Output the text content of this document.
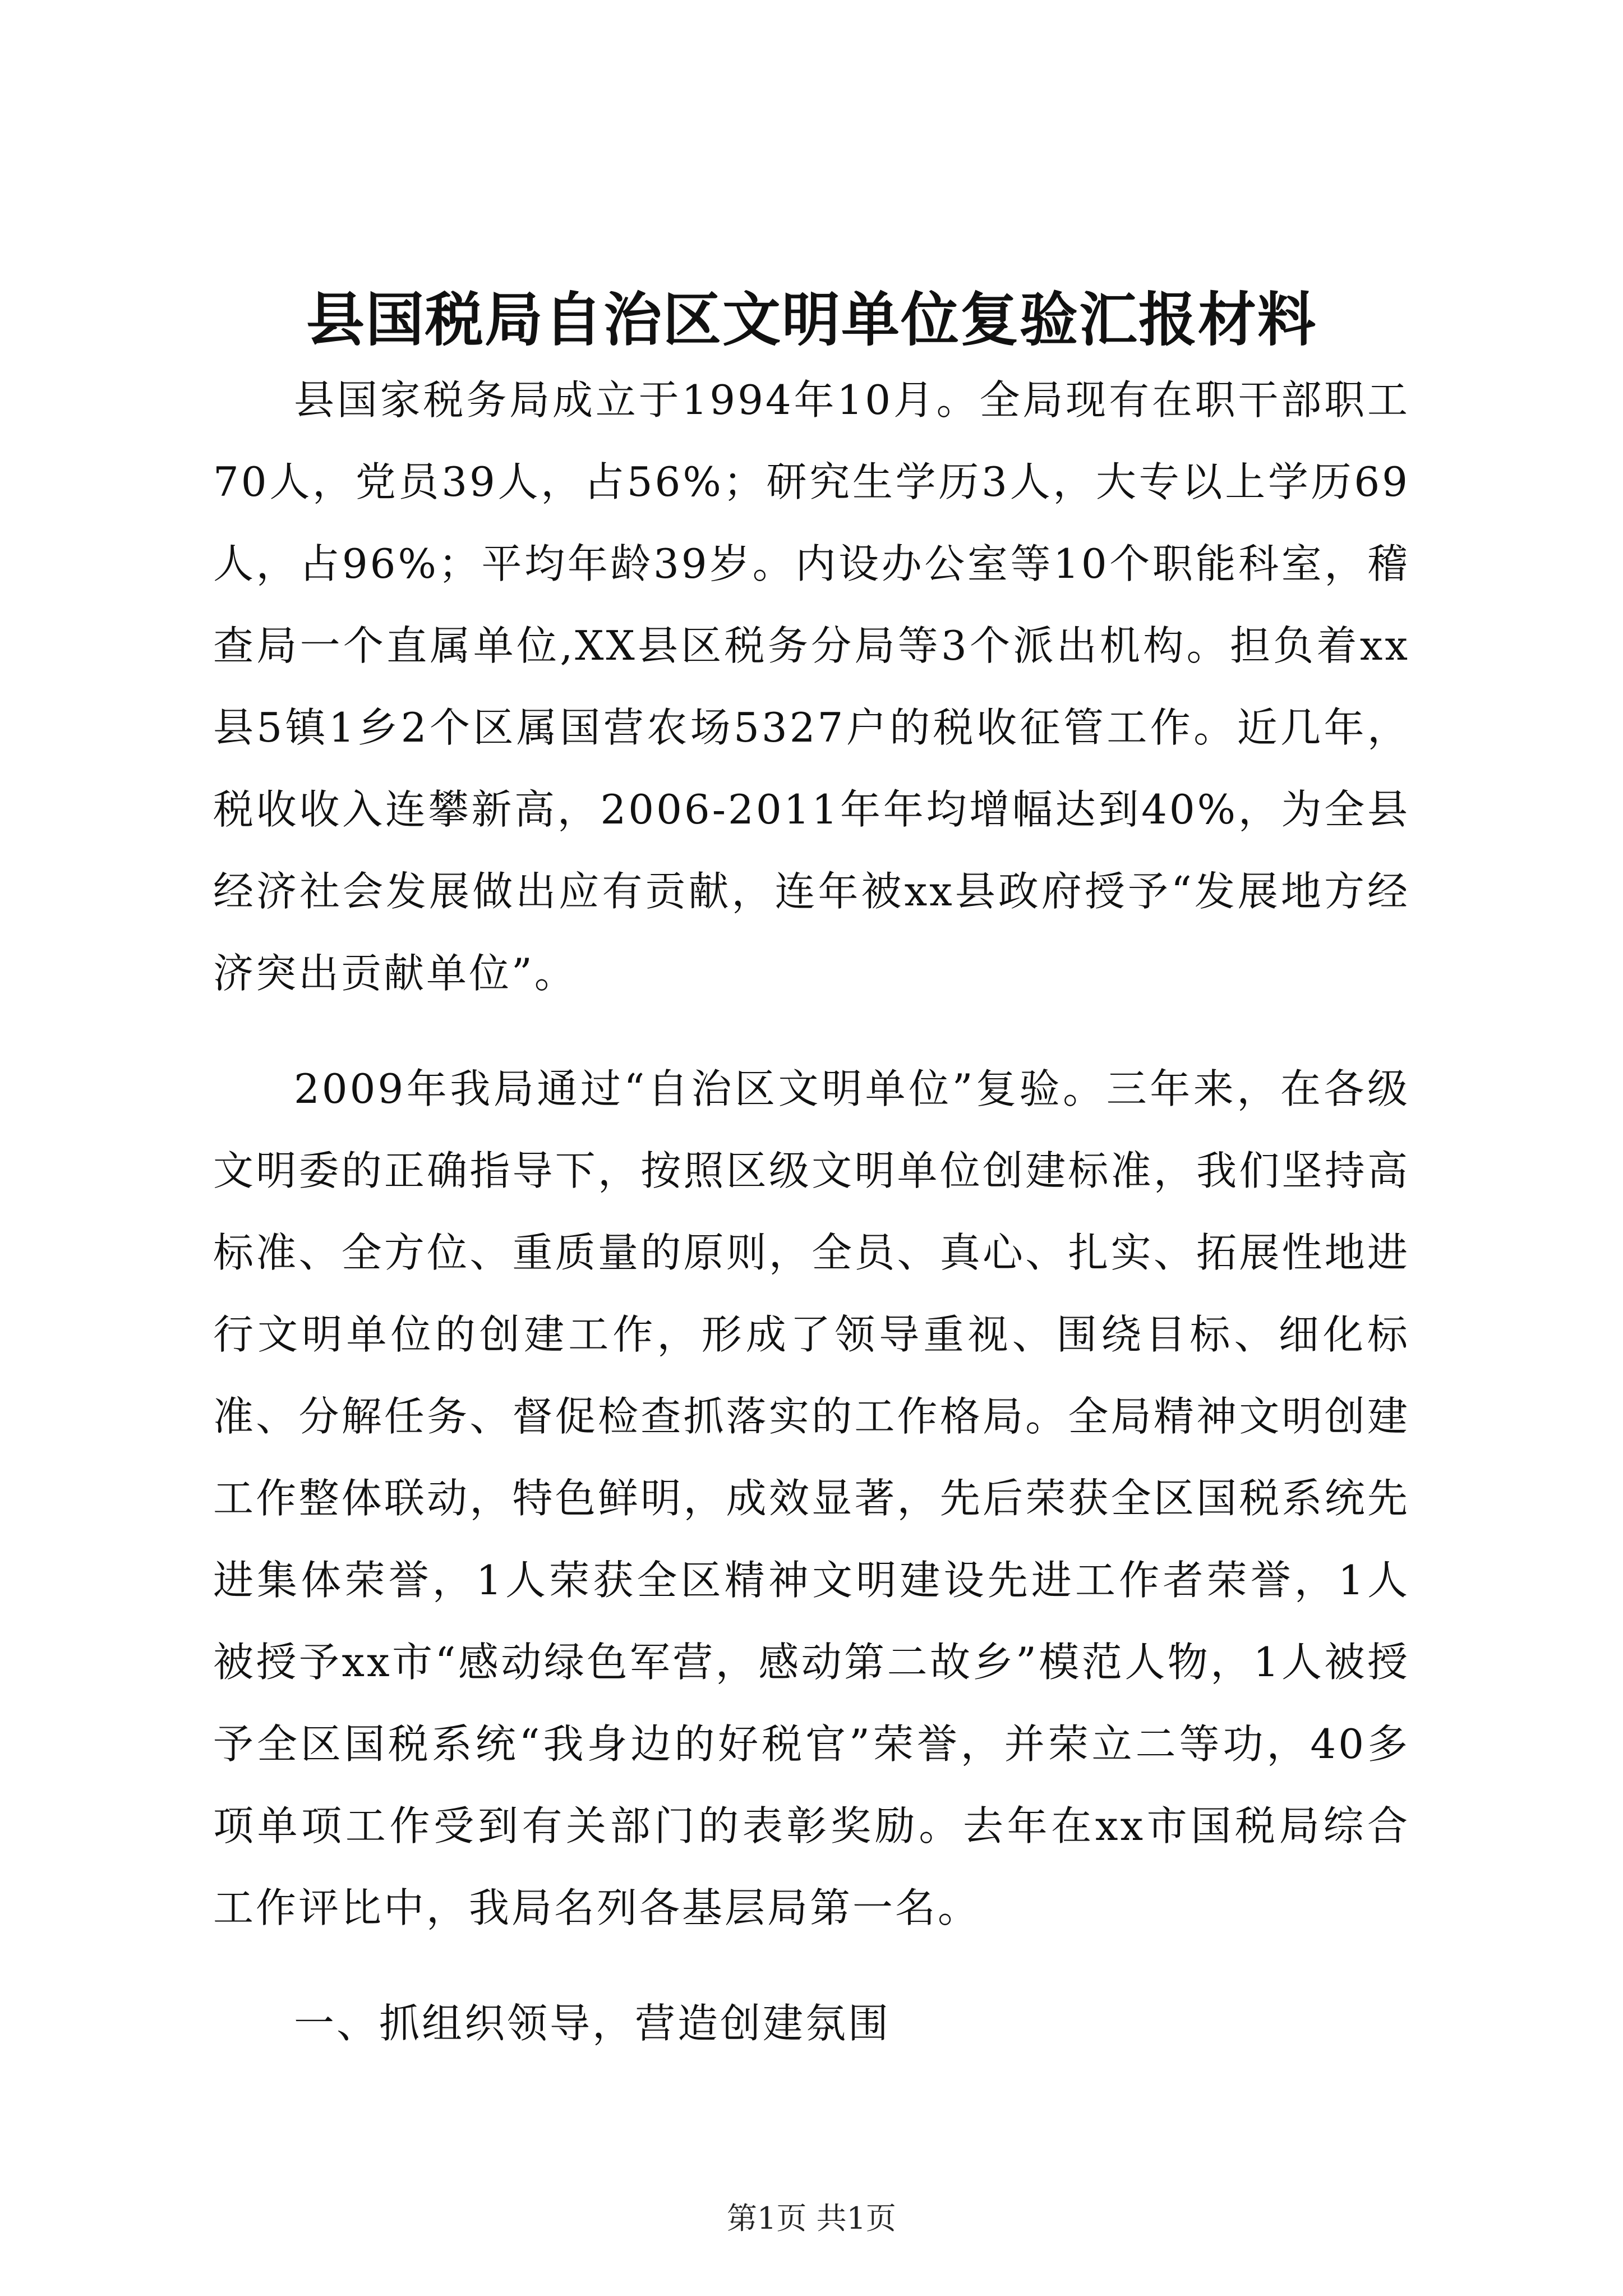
县国税局自治区文明单位复验汇报材料

县国家税务局成立于1994年10月。全局现有在职干部职工70人，党员39人，占56%；研究生学历3人，大专以上学历69人，占96%；平均年龄39岁。内设办公室等10个职能科室，稽查局一个直属单位,XX县区税务分局等3个派出机构。担负着xx县5镇1乡2个区属国营农场5327户的税收征管工作。近几年，税收收入连攀新高，2006-2011年年均增幅达到40%，为全县经济社会发展做出应有贡献，连年被xx县政府授予“发展地方经济突出贡献单位”。

2009年我局通过“自治区文明单位”复验。三年来，在各级文明委的正确指导下，按照区级文明单位创建标准，我们坚持高标准、全方位、重质量的原则，全员、真心、扎实、拓展性地进行文明单位的创建工作，形成了领导重视、围绕目标、细化标准、分解任务、督促检查抓落实的工作格局。全局精神文明创建工作整体联动，特色鲜明，成效显著，先后荣获全区国税系统先进集体荣誉，1人荣获全区精神文明建设先进工作者荣誉，1人被授予xx市“感动绿色军营，感动第二故乡”模范人物，1人被授予全区国税系统“我身边的好税官”荣誉，并荣立二等功，40多项单项工作受到有关部门的表彰奖励。去年在xx市国税局综合工作评比中，我局名列各基层局第一名。

一、抓组织领导，营造创建氛围

第1页 共1页
